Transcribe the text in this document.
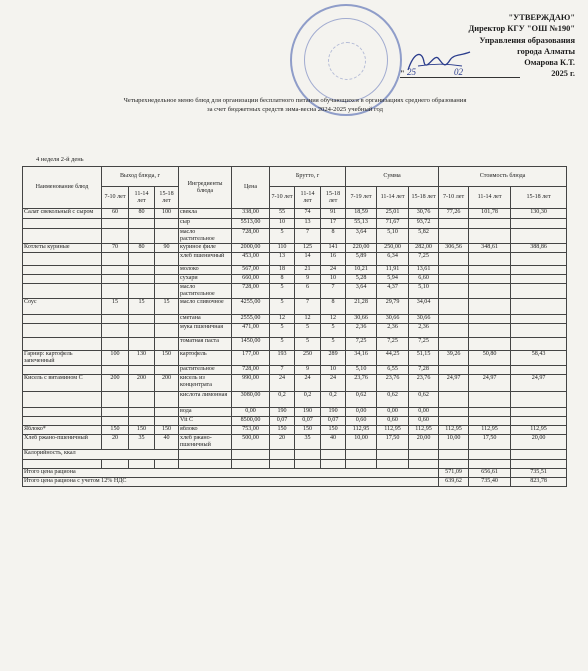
"УТВЕРЖДАЮ"
Директор КГУ "ОШ №190"
Управления образования
города Алматы
Омарова К.Т.
" 25	02	2025 г.
Четырехнедельное меню блюд для организации бесплатного питания обучающихся в организациях среднего образования
за счет бюджетных средств зима-весна 2024-2025 учебный год
4 неделя 2-й день
Наименование блюд	Выход блюда, г			Ингредиенты блюда	Цена	Брутто, г			Сумма			Стоимость блюда		
	7-10 лет	11-14 лет	15-18 лет			7-10 лет	11-14 лет	15-18 лет	7-19 лет	11-14 лет	15-18 лет	7-10 лет	11-14 лет	15-18 лет
Салат свекольный с сыром	60	80	100	свекла	338,00	55	74	91	18,59	25,01	30,76	77,26	101,78	130,30
				сыр	5513,00	10	13	17	55,13	71,67	93,72			
				масло растительное	728,00	5	7	8	3,64	5,10	5,82			
Котлеты куриные	70	80	90	куриное филе	2000,00	110	125	141	220,00	250,00	282,00	306,56	348,61	388,86
				хлеб пшеничный	453,00	13	14	16	5,89	6,34	7,25			
				молоко	567,00	18	21	24	10,21	11,91	13,61			
				сухари	660,00	8	9	10	5,28	5,94	6,60			
				масло растительное	728,00	5	6	7	3,64	4,37	5,10			
Соус	15	15	15	масло сливочное	4255,00	5	7	8	21,28	29,79	34,04			
				сметана	2555,00	12	12	12	30,66	30,66	30,66			
				мука пшеничная	471,00	5	5	5	2,36	2,36	2,36			
				томатная паста	1450,00	5	5	5	7,25	7,25	7,25			
Гарнир: картофель запеченный	100	130	150	картофель	177,00	193	250	289	34,16	44,25	51,15	39,26	50,80	58,43
				растительное	728,00	7	9	10	5,10	6,55	7,28			
Кисель с витамином С	200	200	200	кисель из концентрата	990,00	24	24	24	23,76	23,76	23,76	24,97	24,97	24,97
				кислота лимонная	3080,00	0,2	0,2	0,2	0,62	0,62	0,62			
				вода	0,00	190	190	190	0,00	0,00	0,00			
				Vit C	8500,00	0,07	0,07	0,07	0,60	0,60	0,60			
Яблоко*	150	150	150	яблоко	753,00	150	150	150	112,95	112,95	112,95	112,95	112,95	112,95
Хлеб ржано-пшеничный	20	35	40	хлеб ржано-пшеничный	500,00	20	35	40	10,00	17,50	20,00	10,00	17,50	20,00
Калорийность, ккал														

Итого цена рациона												571,09	656,61	735,51
Итого цена рациона с учетом 12% НДС												639,62	735,40	823,78
